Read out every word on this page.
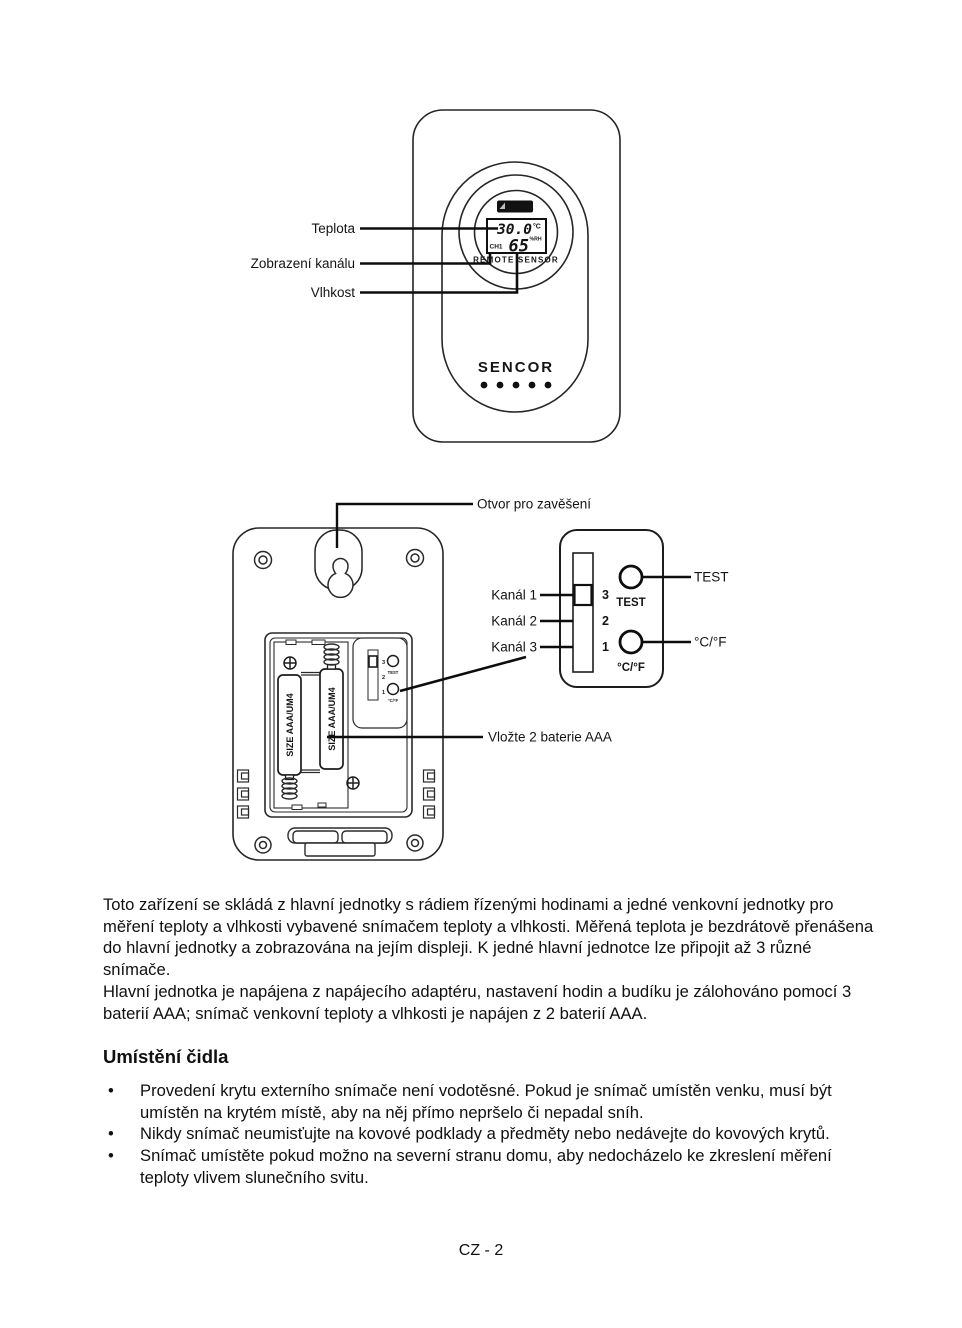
433MHz
30.0 °C
CH1 65 %RH
REMOTE SENSOR
Teplota
Zobrazení kanálu
Vlhkost
SENCOR
SIZE AAA/UM4	SIZE AAA/UM4
3
2
1
TEST
°C/°F
3
2
1
TEST
°C/°F
Otvor pro zavěšení
Kanál 1
Kanál 2
Kanál 3
TEST
°C/°F
Vložte 2 baterie AAA

Toto zařízení se skládá z hlavní jednotky s rádiem řízenými hodinami a jedné venkovní jednotky pro měření teploty a vlhkosti vybavené snímačem teploty a vlhkosti. Měřená teplota je bezdrátově přenášena do hlavní jednotky a zobrazována na jejím displeji. K jedné hlavní jednotce lze připojit až 3 různé snímače.

Hlavní jednotka je napájena z napájecího adaptéru, nastavení hodin a budíku je zálohováno pomocí 3 baterií AAA; snímač venkovní teploty a vlhkosti je napájen z 2 baterií AAA.

Umístění čidla
•	Provedení krytu externího snímače není vodotěsné. Pokud je snímač umístěn venku, musí být umístěn na krytém místě, aby na něj přímo nepršelo či nepadal sníh.
•	Nikdy snímač neumisťujte na kovové podklady a předměty nebo nedávejte do kovových krytů.
•	Snímač umístěte pokud možno na severní stranu domu, aby nedocházelo ke zkreslení měření teploty vlivem slunečního svitu.
CZ - 2
